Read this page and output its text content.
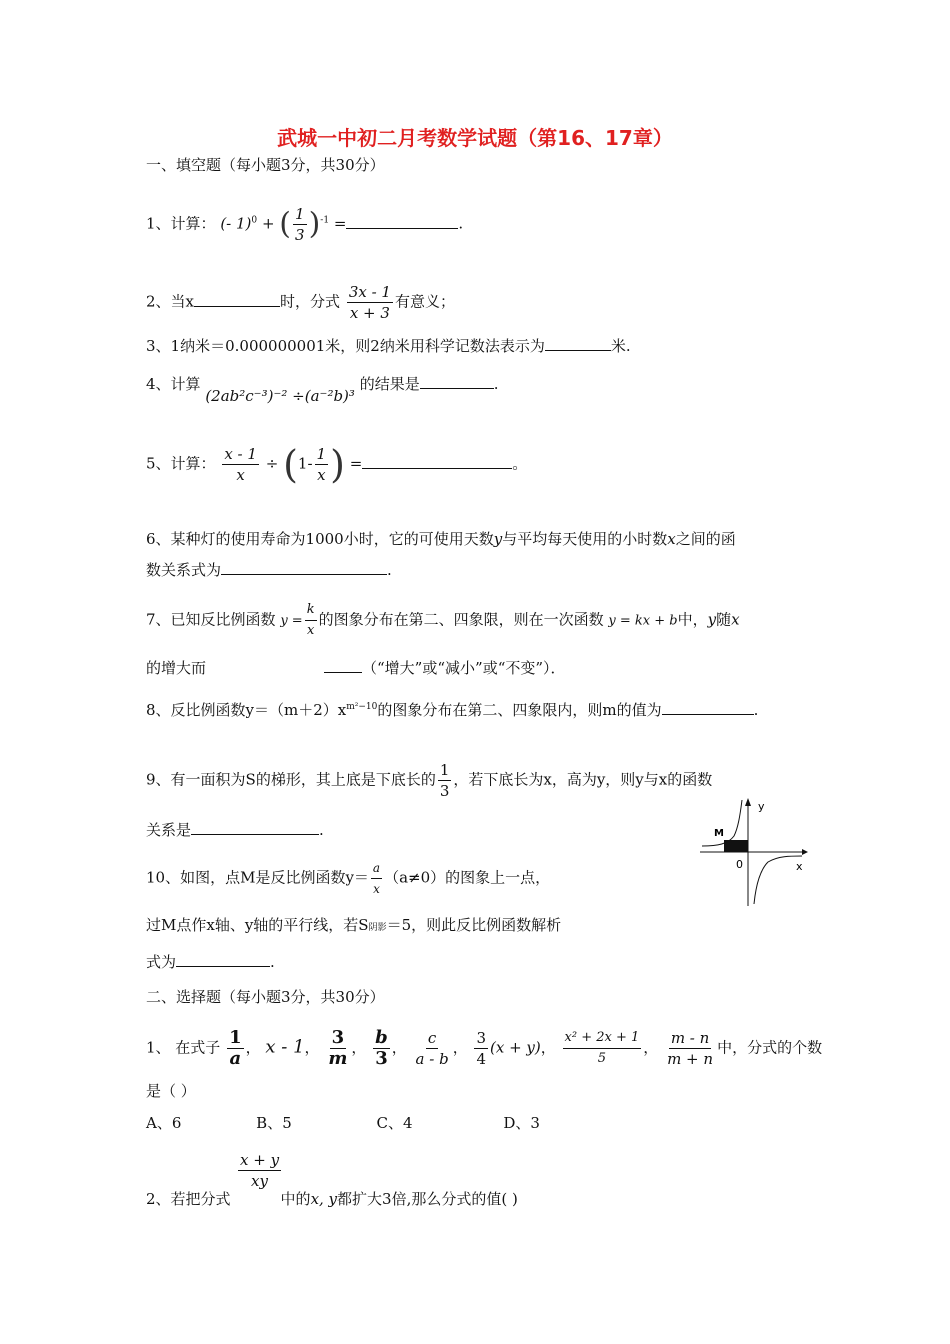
武城一中初二月考数学试题（第16、17章）
一、填空题（每小题3分，共30分）
1、计算： (- 1)$^0$ + ( $\frac{1}{3} )^{-1}$ =	.
2、当x	时，分式 $\frac{3x - 1}{x + 3}$ 有意义；
3、1纳米＝0.000000001米，则2纳米用科学记数法表示为	米.
4、计算 (2ab²c⁻³)⁻² ÷(a⁻²b)³ 的结果是	.
5、计算： $\frac{x - 1}{x} \div (1- \frac{1}{x}$ ) =	。
6、某种灯的使用寿命为1000小时，它的可使用天数y与平均每天使用的小时数x之间的函
数关系式为	.
7、已知反比例函数 $y = \frac{k}{x}$ 的图象分布在第二、四象限，则在一次函数 y = kx + b中，y随x
的增大而	（“增大”或“减小”或“不变”）．
8、反比例函数$y=(m+2)x^{m^2-10}$的图象分布在第二、四象限内，则m的值为	.
9、有一面积为S的梯形，其上底是下底长的 $\frac{1}{3}$ ，若下底长为x，高为y，则y与x的函数
关系是	.
10、如图，点M是反比例函数$y= \frac{a}{x} (a\ne 0)$的图象上一点，
过M点作x轴、y轴的平行线，若S阴影＝5，则此反比例函数解析
式为	.
y
x
0
M
二、选择题（每小题3分，共30分）
1、 在式子 $\frac{1}{a}$ ， x - 1， $\frac{3}{m}$ ， $\frac{b}{3}$ ， $\frac{c}{a - b}$ ， $\frac{3}{4} (x + y)$， $\frac{\text{x² + 2x + 1}}{5}$ ， $\frac{m - n}{m + n}$ 中，分式的个数
是（ ）
A、6	B、5	C、4	D、3
$\frac{x + y}{xy}$
2、若把分式	中的x, y都扩大3倍,那么分式的值( )
